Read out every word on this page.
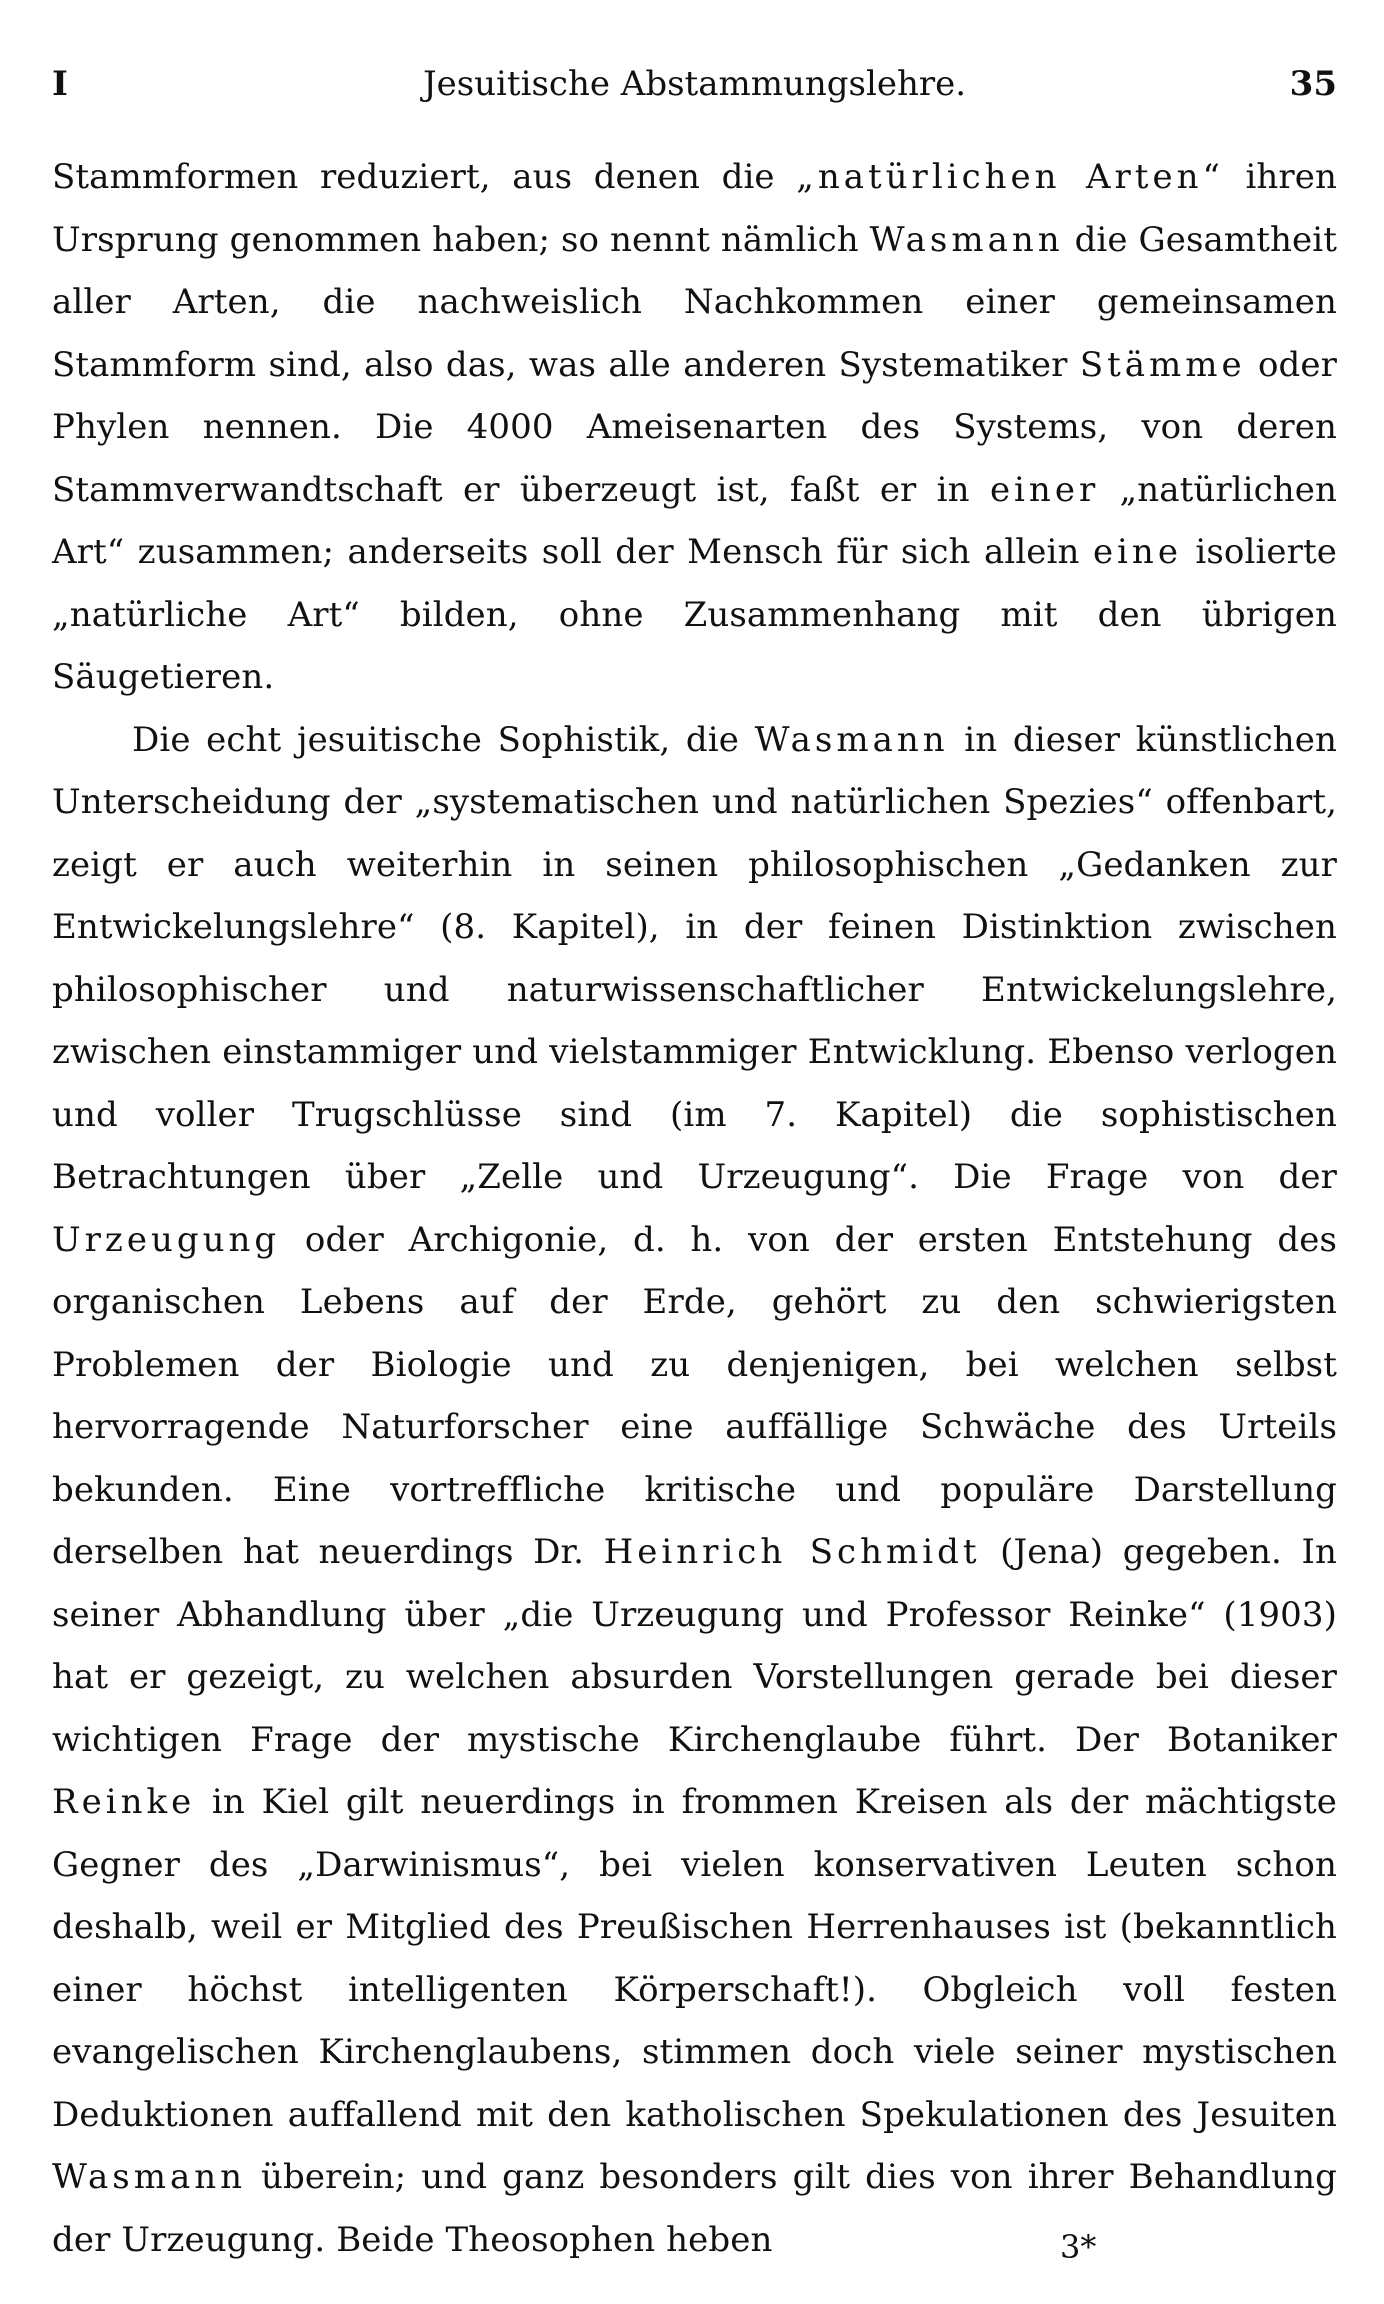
I	Jesuitische Abstammungslehre.	35

Stammformen reduziert, aus denen die „natürlichen Arten“ ihren Ursprung genommen haben; so nennt nämlich Wasmann die Gesamtheit aller Arten, die nachweislich Nachkommen einer gemeinsamen Stammform sind, also das, was alle anderen Systematiker Stämme oder Phylen nennen. Die 4000 Ameisenarten des Systems, von deren Stammverwandtschaft er überzeugt ist, faßt er in einer „natürlichen Art“ zusammen; anderseits soll der Mensch für sich allein eine isolierte „natürliche Art“ bilden, ohne Zusammenhang mit den übrigen Säugetieren.

Die echt jesuitische Sophistik, die Wasmann in dieser künstlichen Unterscheidung der „systematischen und natürlichen Spezies“ offenbart, zeigt er auch weiterhin in seinen philosophischen „Gedanken zur Entwickelungslehre“ (8. Kapitel), in der feinen Distinktion zwischen philosophischer und naturwissenschaftlicher Entwickelungslehre, zwischen einstammiger und vielstammiger Entwicklung. Ebenso verlogen und voller Trugschlüsse sind (im 7. Kapitel) die sophistischen Betrachtungen über „Zelle und Urzeugung“. Die Frage von der Urzeugung oder Archigonie, d. h. von der ersten Entstehung des organischen Lebens auf der Erde, gehört zu den schwierigsten Problemen der Biologie und zu denjenigen, bei welchen selbst hervorragende Naturforscher eine auffällige Schwäche des Urteils bekunden. Eine vortreffliche kritische und populäre Darstellung derselben hat neuerdings Dr. Heinrich Schmidt (Jena) gegeben. In seiner Abhandlung über „die Urzeugung und Professor Reinke“ (1903) hat er gezeigt, zu welchen absurden Vorstellungen gerade bei dieser wichtigen Frage der mystische Kirchenglaube führt. Der Botaniker Reinke in Kiel gilt neuerdings in frommen Kreisen als der mächtigste Gegner des „Darwinismus“, bei vielen konservativen Leuten schon deshalb, weil er Mitglied des Preußischen Herrenhauses ist (bekanntlich einer höchst intelligenten Körperschaft!). Obgleich voll festen evangelischen Kirchenglaubens, stimmen doch viele seiner mystischen Deduktionen auffallend mit den katholischen Spekulationen des Jesuiten Wasmann überein; und ganz besonders gilt dies von ihrer Behandlung der Urzeugung. Beide Theosophen heben	3*
